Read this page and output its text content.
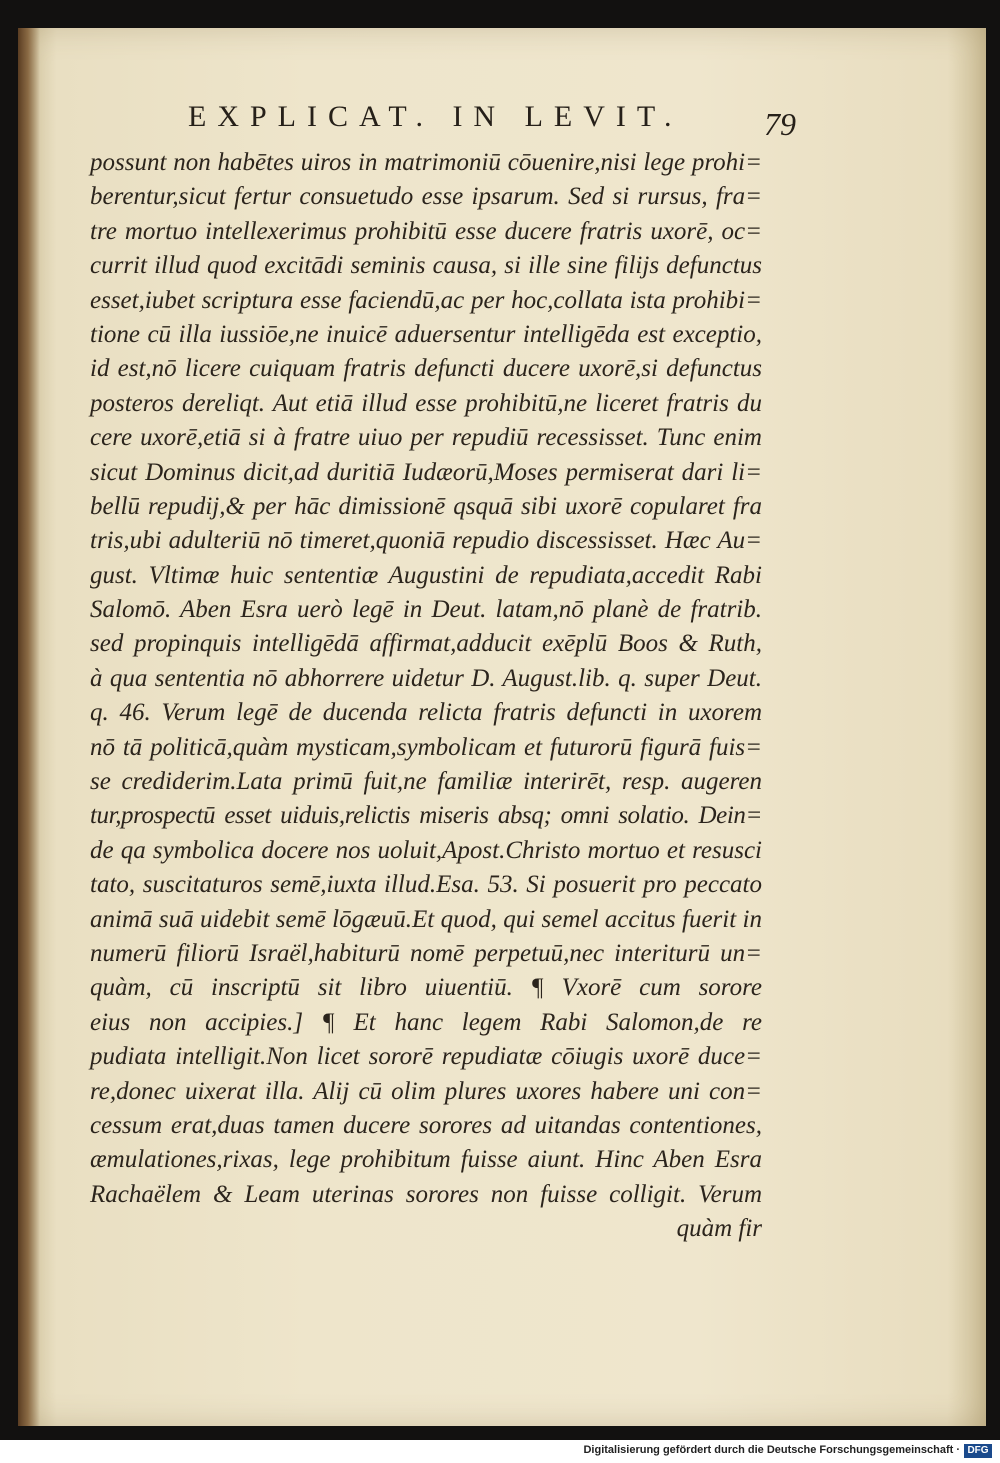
EXPLICAT. IN LEVIT.	79
possunt non habētes uiros in matrimoniū cōuenire,nisi lege prohi=
berentur,sicut fertur consuetudo esse ipsarum. Sed si rursus, fra=
tre mortuo intellexerimus prohibitū esse ducere fratris uxorē, oc=
currit illud quod excitādi seminis causa, si ille sine filijs defunctus
esset,iubet scriptura esse faciendū,ac per hoc,collata ista prohibi=
tione cū illa iussiōe,ne inuicē aduersentur intelligēda est exceptio,
id est,nō licere cuiquam fratris defuncti ducere uxorē,si defunctus
posteros dereliqt. Aut etiā illud esse prohibitū,ne liceret fratris du
cere uxorē,etiā si à fratre uiuo per repudiū recessisset. Tunc enim
sicut Dominus dicit,ad duritiā Iudæorū,Moses permiserat dari li=
bellū repudij,& per hāc dimissionē qsquā sibi uxorē copularet fra
tris,ubi adulteriū nō timeret,quoniā repudio discessisset. Hæc Au=
gust. Vltimæ huic sententiæ Augustini de repudiata,accedit Rabi
Salomō. Aben Esra uerò legē in Deut. latam,nō planè de fratrib.
sed propinquis intelligēdā affirmat,adducit exēplū Boos & Ruth,
à qua sententia nō abhorrere uidetur D. August.lib. q. super Deut.
q. 46. Verum legē de ducenda relicta fratris defuncti in uxorem
nō tā politicā,quàm mysticam,symbolicam et futurorū figurā fuis=
se crediderim.Lata primū fuit,ne familiæ interirēt, resp. augeren
tur,prospectū esset uiduis,relictis miseris absq; omni solatio. Dein=
de qa symbolica docere nos uoluit,Apost.Christo mortuo et resusci
tato, suscitaturos semē,iuxta illud.Esa. 53. Si posuerit pro peccato
animā suā uidebit semē lōgæuū.Et quod, qui semel accitus fuerit in
numerū filiorū Israël,habiturū nomē perpetuū,nec interiturū un=
quàm, cū inscriptū sit libro uiuentiū. ¶ Vxorē cum sorore
eius non accipies.] ¶ Et hanc legem Rabi Salomon,de re
pudiata intelligit.Non licet sororē repudiatæ cōiugis uxorē duce=
re,donec uixerat illa. Alij cū olim plures uxores habere uni con=
cessum erat,duas tamen ducere sorores ad uitandas contentiones,
æmulationes,rixas, lege prohibitum fuisse aiunt. Hinc Aben Esra
Rachaëlem & Leam uterinas sorores non fuisse colligit. Verum
quàm fir
Digitalisierung gefördert durch die Deutsche Forschungsgemeinschaft · DFG
